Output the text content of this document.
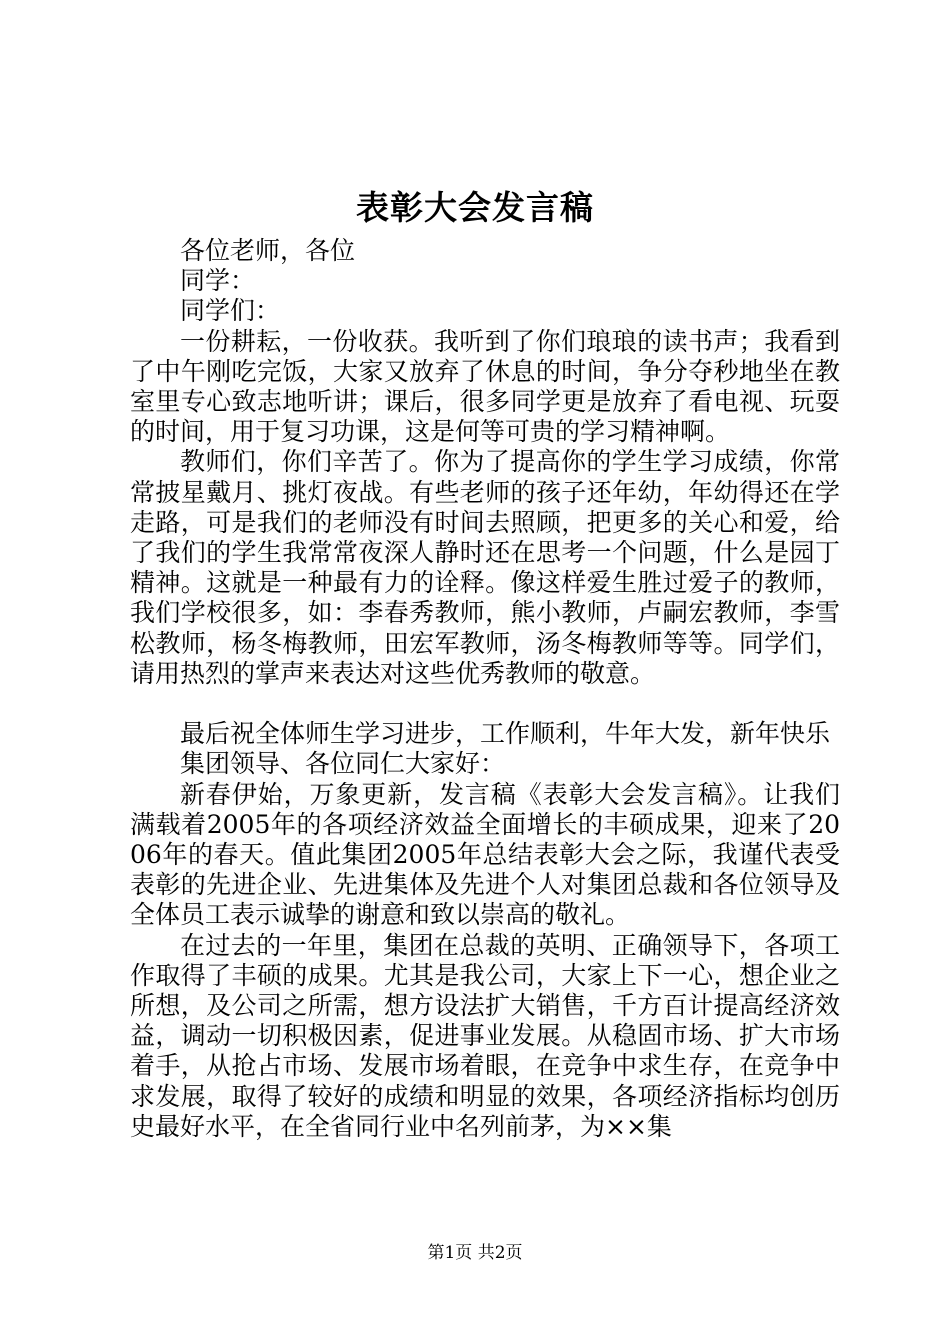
表彰大会发言稿

各位老师，各位

同学：

同学们：

一份耕耘，一份收获。我听到了你们琅琅的读书声；我看到了中午刚吃完饭，大家又放弃了休息的时间，争分夺秒地坐在教室里专心致志地听讲；课后，很多同学更是放弃了看电视、玩耍的时间，用于复习功课，这是何等可贵的学习精神啊。

教师们，你们辛苦了。你为了提高你的学生学习成绩，你常常披星戴月、挑灯夜战。有些老师的孩子还年幼，年幼得还在学走路，可是我们的老师没有时间去照顾，把更多的关心和爱，给了我们的学生我常常夜深人静时还在思考一个问题，什么是园丁精神。这就是一种最有力的诠释。像这样爱生胜过爱子的教师，我们学校很多，如：李春秀教师，熊小教师，卢嗣宏教师，李雪松教师，杨冬梅教师，田宏军教师，汤冬梅教师等等。同学们，请用热烈的掌声来表达对这些优秀教师的敬意。

最后祝全体师生学习进步，工作顺利，牛年大发，新年快乐

集团领导、各位同仁大家好：

新春伊始，万象更新，发言稿《表彰大会发言稿》。让我们满载着2005年的各项经济效益全面增长的丰硕成果，迎来了2006年的春天。值此集团2005年总结表彰大会之际，我谨代表受表彰的先进企业、先进集体及先进个人对集团总裁和各位领导及全体员工表示诚挚的谢意和致以崇高的敬礼。

在过去的一年里，集团在总裁的英明、正确领导下，各项工作取得了丰硕的成果。尤其是我公司，大家上下一心，想企业之所想，及公司之所需，想方设法扩大销售，千方百计提高经济效益，调动一切积极因素，促进事业发展。从稳固市场、扩大市场着手，从抢占市场、发展市场着眼，在竞争中求生存，在竞争中求发展，取得了较好的成绩和明显的效果，各项经济指标均创历史最好水平，在全省同行业中名列前茅，为××集

第1页 共2页
